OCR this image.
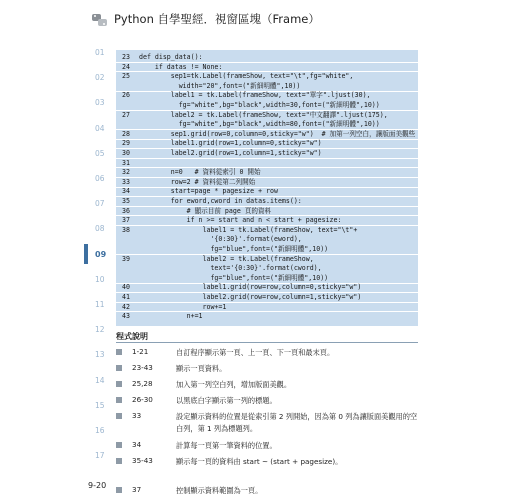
Python 自學聖經．視窗區塊（Frame）
01
02
03
04
05
06
07
08
09
10
11
12
13
14
15
16
17
23	def disp_data():
24	if datas != None:
25	sep1=tk.Label(frameShow, text="\t",fg="white",
width="20",font=("新細明體",10))
26	label1 = tk.Label(frameShow, text="單字".ljust(30),
fg="white",bg="black",width=30,font=("新細明體",10))
27	label2 = tk.Label(frameShow, text="中文翻譯".ljust(175),
fg="white",bg="black",width=80,font=("新細明體",10))
28	sep1.grid(row=0,column=0,sticky="w")  # 加第一列空白，讓版面美觀些
29	label1.grid(row=1,column=0,sticky="w")
30	label2.grid(row=1,column=1,sticky="w")
31
32	n=0   # 資料從索引 0 開始
33	row=2 # 資料從第二列開始
34	start=page * pagesize + row
35	for eword,cword in datas.items():
36	# 顯示目前 page 頁的資料
37	if n >= start and n < start + pagesize:
38	label1 = tk.Label(frameShow, text="\t"+
'{0:30}'.format(eword),
fg="blue",font=("新細明體",10))
39	label2 = tk.Label(frameShow,
text='{0:30}'.format(cword),
fg="blue",font=("新細明體",10))
40	label1.grid(row=row,column=0,sticky="w")
41	label2.grid(row=row,column=1,sticky="w")
42	row+=1
43	n+=1
程式說明
1-21	自訂程序顯示第一頁、上一頁、下一頁和最末頁。
23-43	顯示一頁資料。
25,28	加入第一列空白列，增加版面美觀。
26-30	以黑底白字顯示第一列的標題。
33	設定顯示資料的位置是從索引第 2 列開始，因為第 0 列為讓版面美觀用的空白列，第 1 列為標題列。
34	計算每一頁第一筆資料的位置。
35-43	顯示每一頁的資料由 start ~ (start + pagesize)。
37	控制顯示資料範圍為一頁。
9-20
